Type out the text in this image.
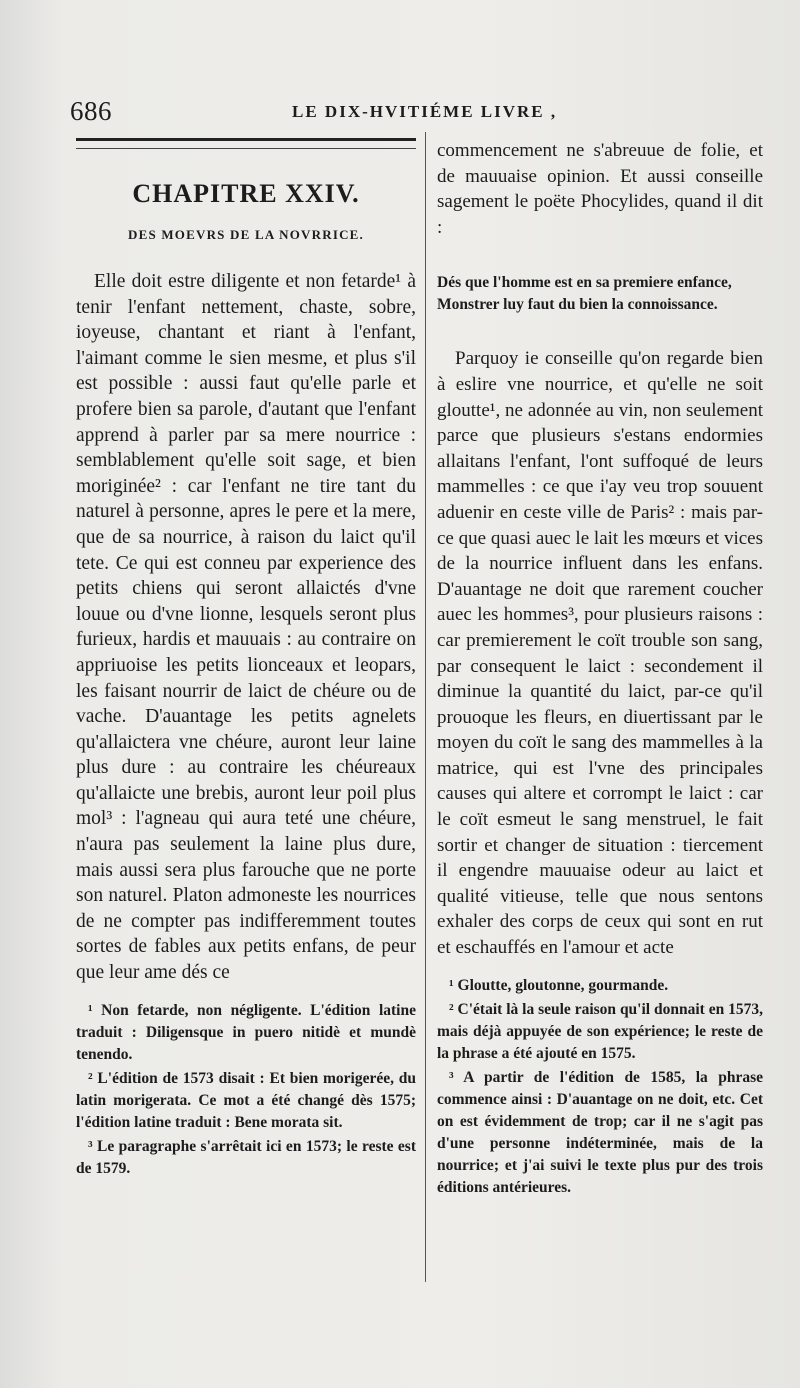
686	LE DIX-HVITIÉME LIVRE ,
CHAPITRE XXIV.
DES MOEVRS DE LA NOVRRICE.

Elle doit estre diligente et non fetarde¹ à tenir l'enfant nettement, chaste, sobre, ioyeuse, chantant et riant à l'enfant, l'aimant comme le sien mesme, et plus s'il est possible : aussi faut qu'elle parle et profere bien sa parole, d'autant que l'enfant apprend à parler par sa mere nourrice : semblablement qu'elle soit sage, et bien moriginée² : car l'enfant ne tire tant du naturel à personne, apres le pere et la mere, que de sa nourrice, à raison du laict qu'il tete. Ce qui est conneu par experience des petits chiens qui seront allaictés d'vne louue ou d'vne lionne, lesquels seront plus furieux, hardis et mauuais : au contraire on appriuoise les petits lionceaux et leopars, les faisant nourrir de laict de chéure ou de vache. D'auantage les petits agnelets qu'allaictera vne chéure, auront leur laine plus dure : au contraire les chéureaux qu'allaicte une brebis, auront leur poil plus mol³ : l'agneau qui aura teté une chéure, n'aura pas seulement la laine plus dure, mais aussi sera plus farouche que ne porte son naturel. Platon admoneste les nourrices de ne compter pas indifferemment toutes sortes de fables aux petits enfans, de peur que leur ame dés ce

¹ Non fetarde, non négligente. L'édition latine traduit : Diligensque in puero nitidè et mundè tenendo.

² L'édition de 1573 disait : Et bien morigerée, du latin morigerata. Ce mot a été changé dès 1575; l'édition latine traduit : Bene morata sit.

³ Le paragraphe s'arrêtait ici en 1573; le reste est de 1579.

commencement ne s'abreuue de folie, et de mauuaise opinion. Et aussi conseille sagement le poëte Phocylides, quand il dit :

Dés que l'homme est en sa premiere enfance,
Monstrer luy faut du bien la connoissance.

Parquoy ie conseille qu'on regarde bien à eslire vne nourrice, et qu'elle ne soit gloutte¹, ne adonnée au vin, non seulement parce que plusieurs s'estans endormies allaitans l'enfant, l'ont suffoqué de leurs mammelles : ce que i'ay veu trop souuent aduenir en ceste ville de Paris² : mais par-ce que quasi auec le lait les mœurs et vices de la nourrice influent dans les enfans. D'auantage ne doit que rarement coucher auec les hommes³, pour plusieurs raisons : car premierement le coït trouble son sang, par consequent le laict : secondement il diminue la quantité du laict, par-ce qu'il prouoque les fleurs, en diuertissant par le moyen du coït le sang des mammelles à la matrice, qui est l'vne des principales causes qui altere et corrompt le laict : car le coït esmeut le sang menstruel, le fait sortir et changer de situation : tiercement il engendre mauuaise odeur au laict et qualité vitieuse, telle que nous sentons exhaler des corps de ceux qui sont en rut et eschauffés en l'amour et acte

¹ Gloutte, gloutonne, gourmande.

² C'était là la seule raison qu'il donnait en 1573, mais déjà appuyée de son expérience; le reste de la phrase a été ajouté en 1575.

³ A partir de l'édition de 1585, la phrase commence ainsi : D'auantage on ne doit, etc. Cet on est évidemment de trop; car il ne s'agit pas d'une personne indéterminée, mais de la nourrice; et j'ai suivi le texte plus pur des trois éditions antérieures.
